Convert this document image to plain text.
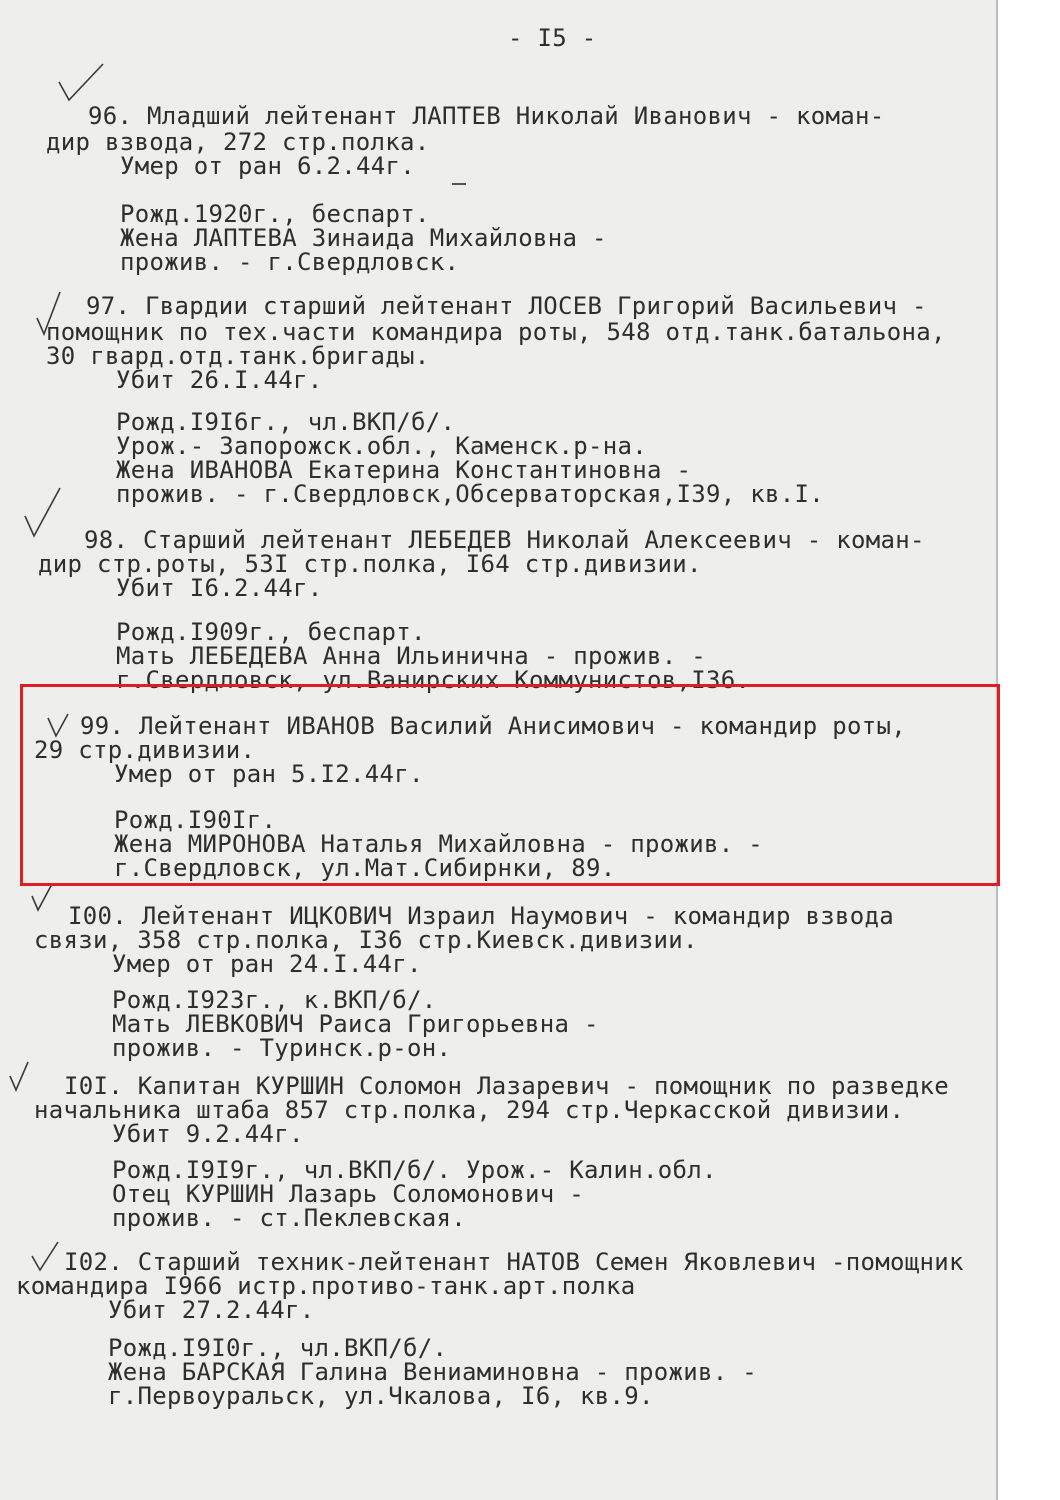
- I5 -
96. Младший лейтенант ЛАПТЕВ Николай Иванович - коман-
дир взвода, 272 стр.полка.
Умер от ран 6.2.44г.
Рожд.1920г., беспарт.
Жена ЛАПТЕВА Зинаида Михайловна -
прожив. - г.Свердловск.
97. Гвардии старший лейтенант ЛОСЕВ Григорий Васильевич -
помощник по тех.части командира роты, 548 отд.танк.батальона,
30 гвард.отд.танк.бригады.
Убит 26.I.44г.
Рожд.I9I6г., чл.ВКП/б/.
Урож.- Запорожск.обл., Каменск.р-на.
Жена ИВАНОВА Екатерина Константиновна -
прожив. - г.Свердловск,Обсерваторская,I39, кв.I.
98. Старший лейтенант ЛЕБЕДЕВ Николай Алексеевич - коман-
дир стр.роты, 53I стр.полка, I64 стр.дивизии.
Убит I6.2.44г.
Рожд.I909г., беспарт.
Мать ЛЕБЕДЕВА Анна Ильинична - прожив. -
г.Свердловск, ул.Ванирских Коммунистов,I36.
99. Лейтенант ИВАНОВ Василий Анисимович - командир роты,
29 стр.дивизии.
Умер от ран 5.I2.44г.
Рожд.I90Iг.
Жена МИРОНОВА Наталья Михайловна - прожив. -
г.Свердловск, ул.Мат.Сибирнки, 89.
I00. Лейтенант ИЦКОВИЧ Израил Наумович - командир взвода
связи, 358 стр.полка, I36 стр.Киевск.дивизии.
Умер от ран 24.I.44г.
Рожд.I923г., к.ВКП/б/.
Мать ЛЕВКОВИЧ Раиса Григорьевна -
прожив. - Туринск.р-он.
I0I. Капитан КУРШИН Соломон Лазаревич - помощник по разведке
начальника штаба 857 стр.полка, 294 стр.Черкасской дивизии.
Убит 9.2.44г.
Рожд.I9I9г., чл.ВКП/б/. Урож.- Калин.обл.
Отец КУРШИН Лазарь Соломонович -
прожив. - ст.Пеклевская.
I02. Старший техник-лейтенант НАТОВ Семен Яковлевич -помощник
командира I966 истр.противо-танк.арт.полка
Убит 27.2.44г.
Рожд.I9I0г., чл.ВКП/б/.
Жена БАРСКАЯ Галина Вениаминовна - прожив. -
г.Первоуральск, ул.Чкалова, I6, кв.9.
